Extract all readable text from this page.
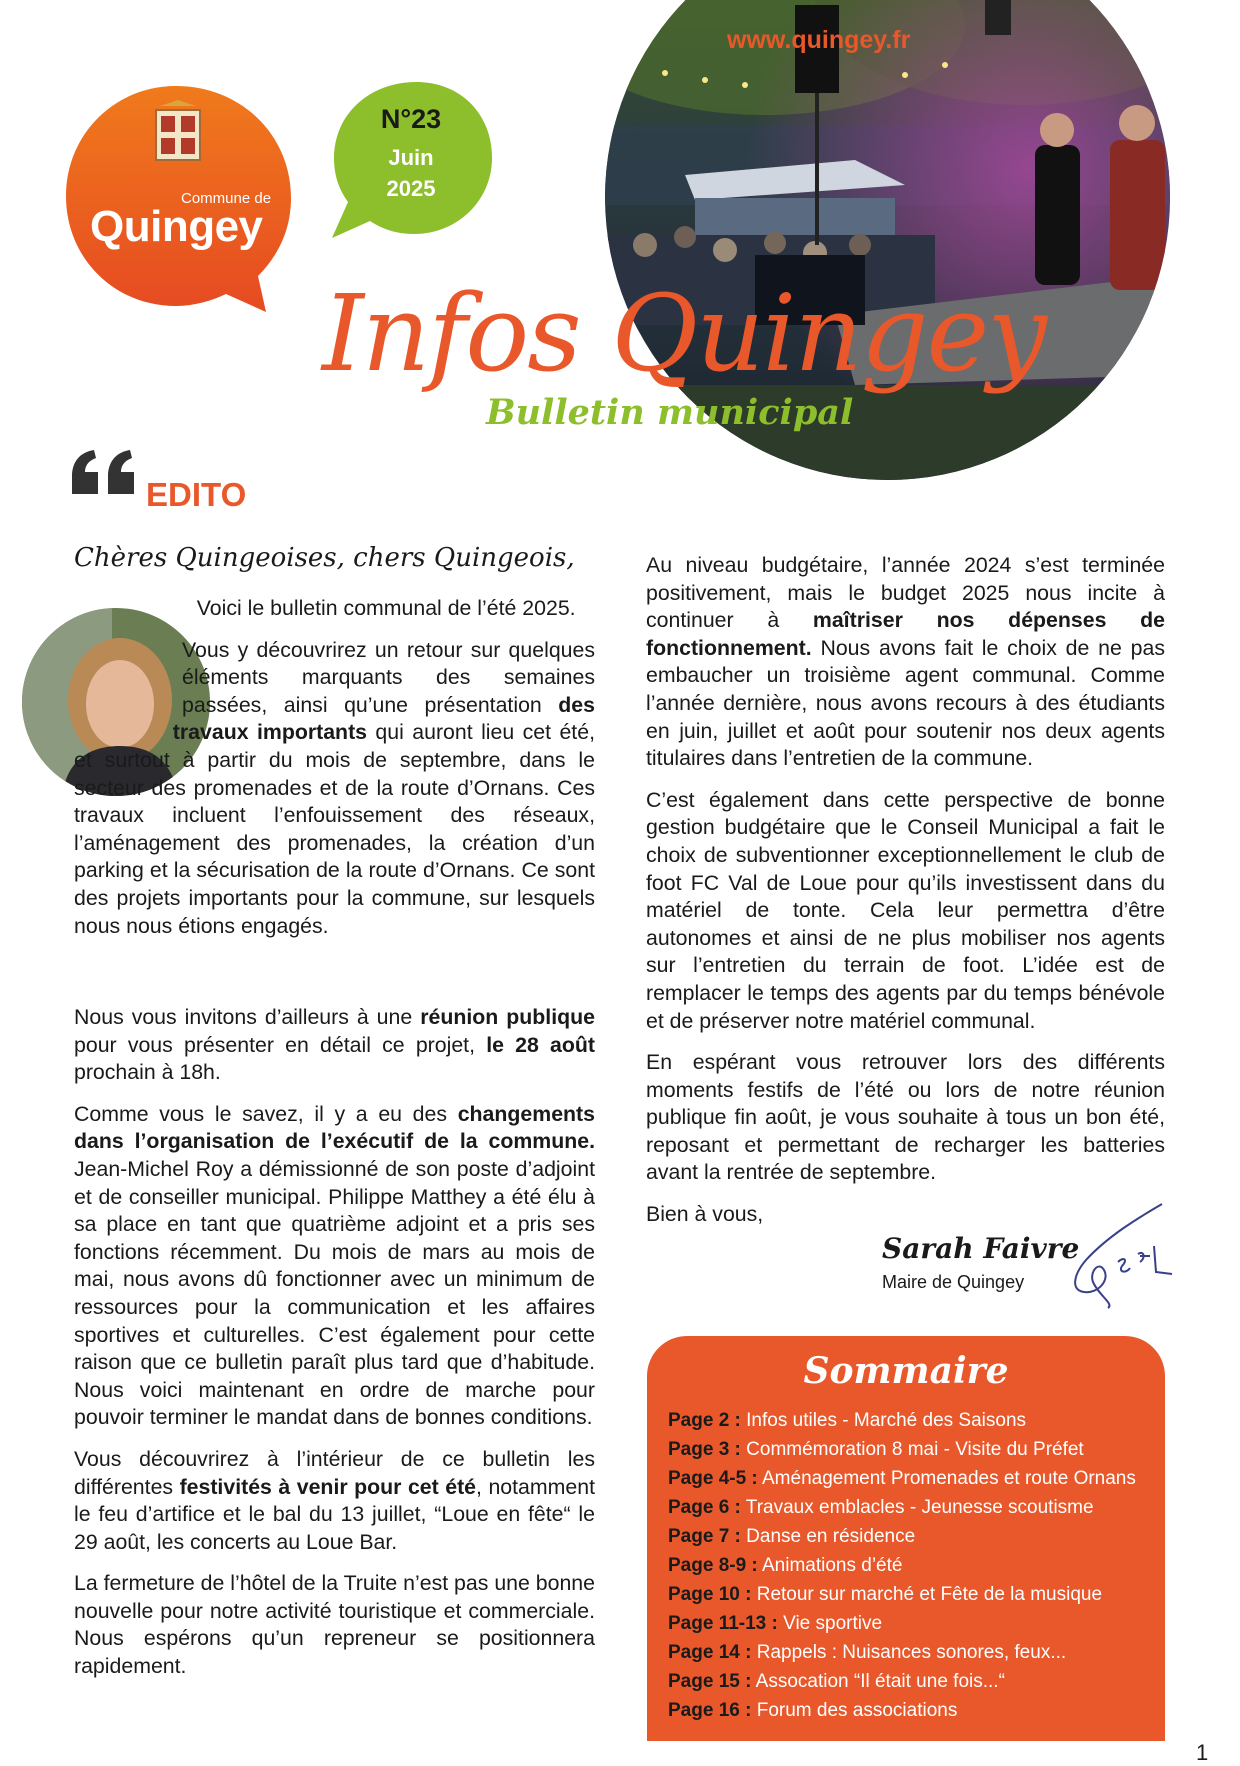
www.quingey.fr
Commune de
Quingey
N°23
Juin
2025
Infos Quingey
Bulletin municipal
EDITO
Chères Quingeoises, chers Quingeois,

Voici le bulletin communal de l’été 2025.

Vous y découvrirez un retour sur quelques éléments marquants des semaines passées, ainsi qu’une présentation des travaux importants qui auront lieu cet été, et surtout à partir du mois de septembre, dans le secteur des promenades et de la route d’Ornans. Ces travaux incluent l’enfouissement des réseaux, l’aménagement des promenades, la création d’un parking et la sécurisation de la route d’Ornans. Ce sont des projets importants pour la commune, sur lesquels nous nous étions engagés.

Nous vous invitons d’ailleurs à une réunion publique pour vous présenter en détail ce projet, le 28 août prochain à 18h.

Comme vous le savez, il y a eu des changements dans l’organisation de l’exécutif de la commune. Jean-Michel Roy a démissionné de son poste d’adjoint et de conseiller municipal. Philippe Matthey a été élu à sa place en tant que quatrième adjoint et a pris ses fonctions récemment. Du mois de mars au mois de mai, nous avons dû fonctionner avec un minimum de ressources pour la communication et les affaires sportives et culturelles. C’est également pour cette raison que ce bulletin paraît plus tard que d’habitude. Nous voici maintenant en ordre de marche pour pouvoir terminer le mandat dans de bonnes conditions.

Vous découvrirez à l’intérieur de ce bulletin les différentes festivités à venir pour cet été, notamment le feu d’artifice et le bal du 13 juillet, “Loue en fête“ le 29 août, les concerts au Loue Bar.

La fermeture de l’hôtel de la Truite n’est pas une bonne nouvelle pour notre activité touristique et commerciale. Nous espérons qu’un repreneur se positionnera rapidement.

Au niveau budgétaire, l’année 2024 s’est terminée positivement, mais le budget 2025 nous incite à continuer à maîtriser nos dépenses de fonctionnement. Nous avons fait le choix de ne pas embaucher un troisième agent communal. Comme l’année dernière, nous avons recours à des étudiants en juin, juillet et août pour soutenir nos deux agents titulaires dans l’entretien de la commune.

C’est également dans cette perspective de bonne gestion budgétaire que le Conseil Municipal a fait le choix de subventionner exceptionnellement le club de foot FC Val de Loue pour qu’ils investissent dans du matériel de tonte. Cela leur permettra d’être autonomes et ainsi de ne plus mobiliser nos agents sur l’entretien du terrain de foot. L’idée est de remplacer le temps des agents par du temps bénévole et de préserver notre matériel communal.

En espérant vous retrouver lors des différents moments festifs de l’été ou lors de notre réunion publique fin août, je vous souhaite à tous un bon été, reposant et permettant de recharger les batteries avant la rentrée de septembre.

Bien à vous,

Sarah Faivre
Maire de Quingey
Sommaire
Page 2 : Infos utiles - Marché des Saisons
Page 3 : Commémoration 8 mai - Visite du Préfet
Page 4-5 : Aménagement Promenades et route Ornans
Page 6 : Travaux emblacles - Jeunesse scoutisme
Page 7 : Danse en résidence
Page 8-9 : Animations d’été
Page 10 : Retour sur marché et Fête de la musique
Page 11-13 : Vie sportive
Page 14 : Rappels : Nuisances sonores, feux...
Page 15 : Assocation “Il était une fois...“
Page 16 : Forum des associations
1
